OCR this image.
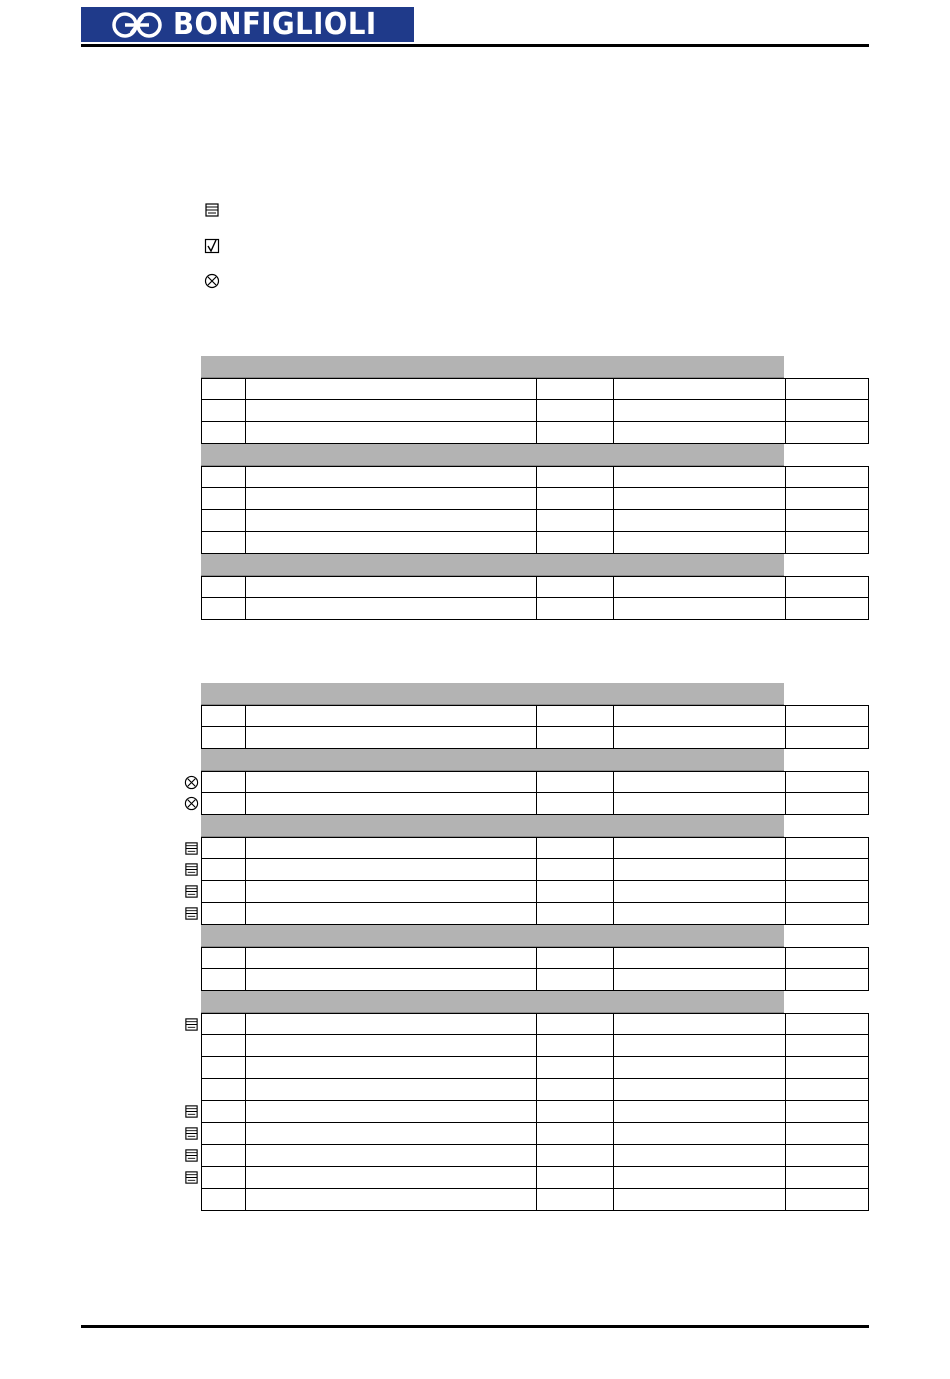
BONFIGLIOLI
